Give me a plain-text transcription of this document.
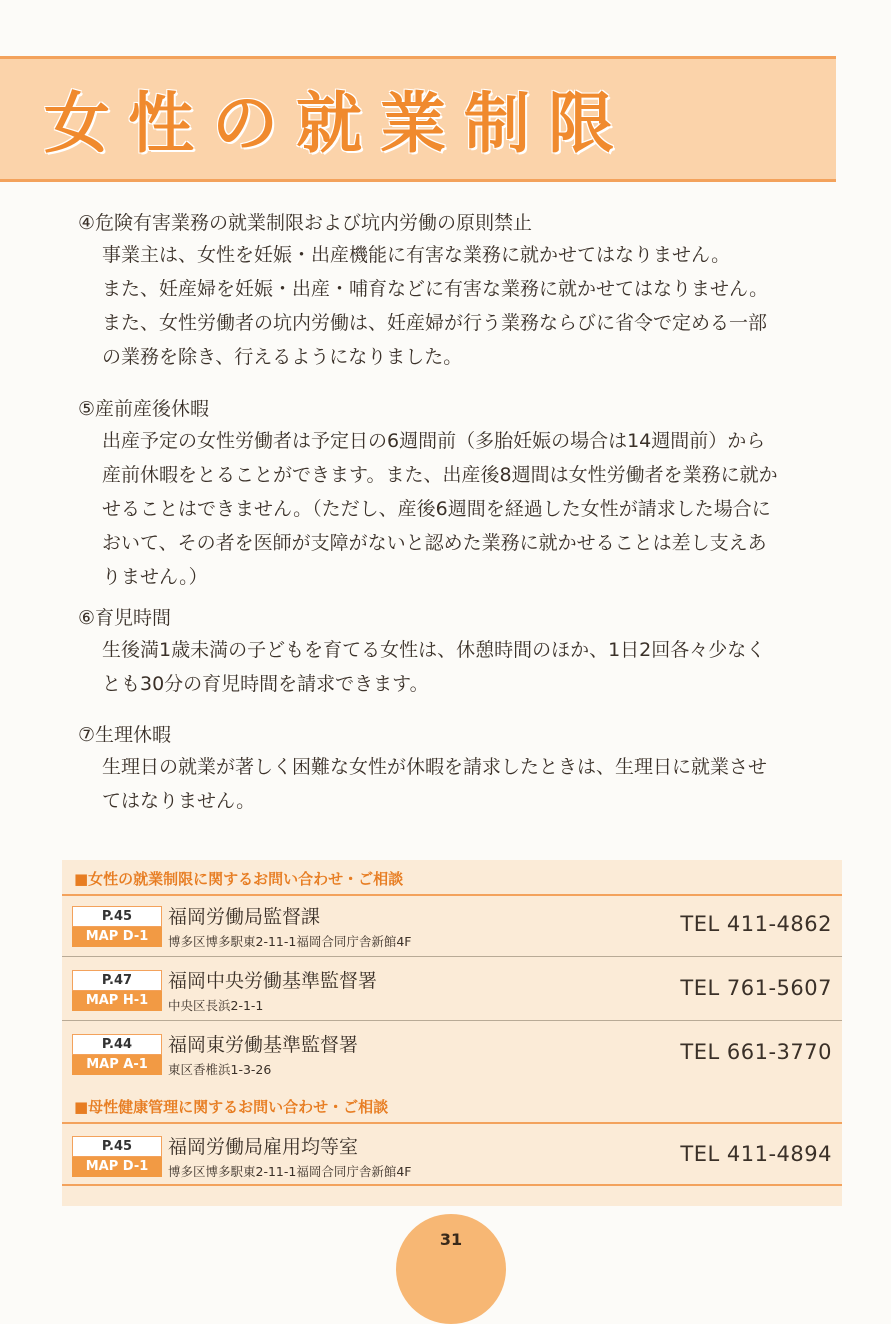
女性の就業制限
④危険有害業務の就業制限および坑内労働の原則禁止

事業主は、女性を妊娠・出産機能に有害な業務に就かせてはなりません。

また、妊産婦を妊娠・出産・哺育などに有害な業務に就かせてはなりません。

また、女性労働者の坑内労働は、妊産婦が行う業務ならびに省令で定める一部

の業務を除き、行えるようになりました。

⑤産前産後休暇

出産予定の女性労働者は予定日の6週間前（多胎妊娠の場合は14週間前）から

産前休暇をとることができます。また、出産後8週間は女性労働者を業務に就か

せることはできません。（ただし、産後6週間を経過した女性が請求した場合に

おいて、その者を医師が支障がないと認めた業務に就かせることは差し支えあ

りません。）

⑥育児時間

生後満1歳未満の子どもを育てる女性は、休憩時間のほか、1日2回各々少なく

とも30分の育児時間を請求できます。

⑦生理休暇

生理日の就業が著しく困難な女性が休暇を請求したときは、生理日に就業させ

てはなりません。

■女性の就業制限に関するお問い合わせ・ご相談
P.45
MAP D-1
福岡労働局監督課
博多区博多駅東2-11-1福岡合同庁舎新館4F
TEL 411-4862
P.47
MAP H-1
福岡中央労働基準監督署
中央区長浜2-1-1
TEL 761-5607
P.44
MAP A-1
福岡東労働基準監督署
東区香椎浜1-3-26
TEL 661-3770
■母性健康管理に関するお問い合わせ・ご相談
P.45
MAP D-1
福岡労働局雇用均等室
博多区博多駅東2-11-1福岡合同庁舎新館4F
TEL 411-4894
31
